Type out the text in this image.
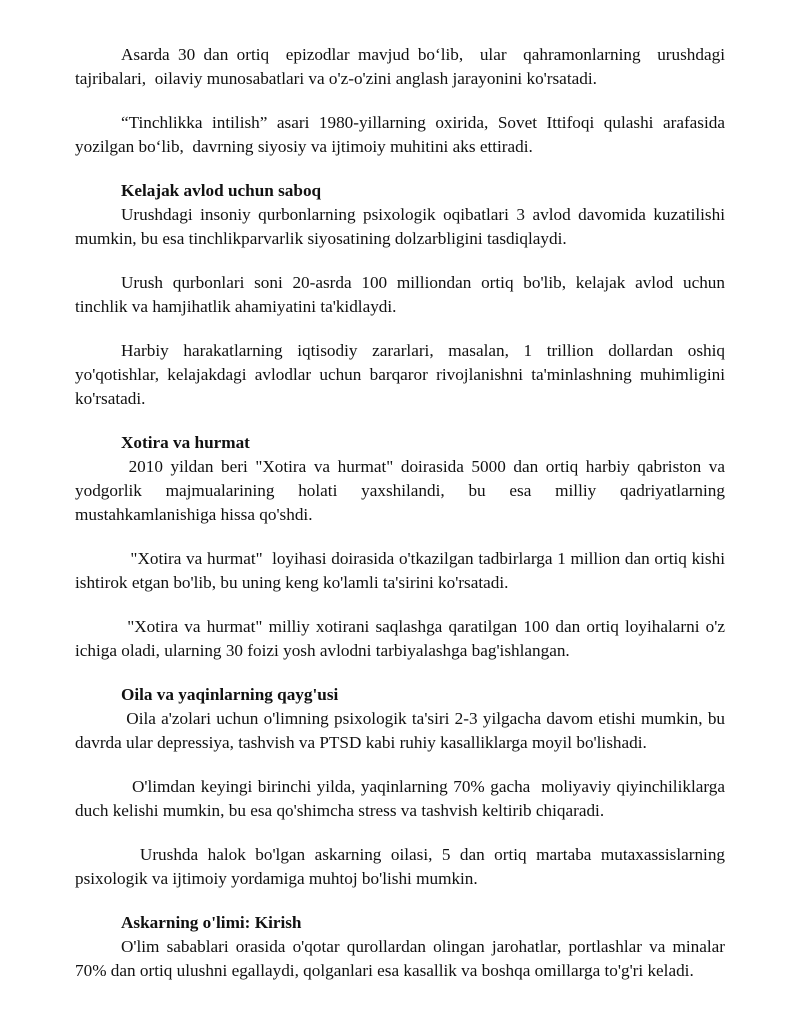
Asarda 30 dan ortiq  epizodlar mavjud bo‘lib,  ular  qahramonlarning  urushdagi tajribalari,  oilaviy munosabatlari va o'z-o'zini anglash jarayonini ko'rsatadi.

“Tinchlikka intilish” asari 1980-yillarning oxirida, Sovet Ittifoqi qulashi arafasida yozilgan bo‘lib,  davrning siyosiy va ijtimoiy muhitini aks ettiradi.

Kelajak avlod uchun saboq

Urushdagi insoniy qurbonlarning psixologik oqibatlari 3 avlod davomida kuzatilishi mumkin, bu esa tinchlikparvarlik siyosatining dolzarbligini tasdiqlaydi.

Urush qurbonlari soni 20-asrda 100 milliondan ortiq bo'lib, kelajak avlod uchun tinchlik va hamjihatlik ahamiyatini ta'kidlaydi.

Harbiy harakatlarning iqtisodiy zararlari, masalan, 1 trillion dollardan oshiq yo'qotishlar, kelajakdagi avlodlar uchun barqaror rivojlanishni ta'minlashning muhimligini ko'rsatadi.

Xotira va hurmat

2010 yildan beri "Xotira va hurmat" doirasida 5000 dan ortiq harbiy qabriston va yodgorlik majmualarining holati yaxshilandi, bu esa milliy qadriyatlarning mustahkamlanishiga hissa qo'shdi.

"Xotira va hurmat"  loyihasi doirasida o'tkazilgan tadbirlarga 1 million dan ortiq kishi ishtirok etgan bo'lib, bu uning keng ko'lamli ta'sirini ko'rsatadi.

"Xotira va hurmat" milliy xotirani saqlashga qaratilgan 100 dan ortiq loyihalarni o'z ichiga oladi, ularning 30 foizi yosh avlodni tarbiyalashga bag'ishlangan.

Oila va yaqinlarning qayg'usi

Oila a'zolari uchun o'limning psixologik ta'siri 2-3 yilgacha davom etishi mumkin, bu davrda ular depressiya, tashvish va PTSD kabi ruhiy kasalliklarga moyil bo'lishadi.

O'limdan keyingi birinchi yilda, yaqinlarning 70% gacha  moliyaviy qiyinchiliklarga duch kelishi mumkin, bu esa qo'shimcha stress va tashvish keltirib chiqaradi.

Urushda halok bo'lgan askarning oilasi, 5 dan ortiq martaba mutaxassislarning psixologik va ijtimoiy yordamiga muhtoj bo'lishi mumkin.

Askarning o'limi: Kirish

O'lim sabablari orasida o'qotar qurollardan olingan jarohatlar, portlashlar va minalar 70% dan ortiq ulushni egallaydi, qolganlari esa kasallik va boshqa omillarga to'g'ri keladi.
